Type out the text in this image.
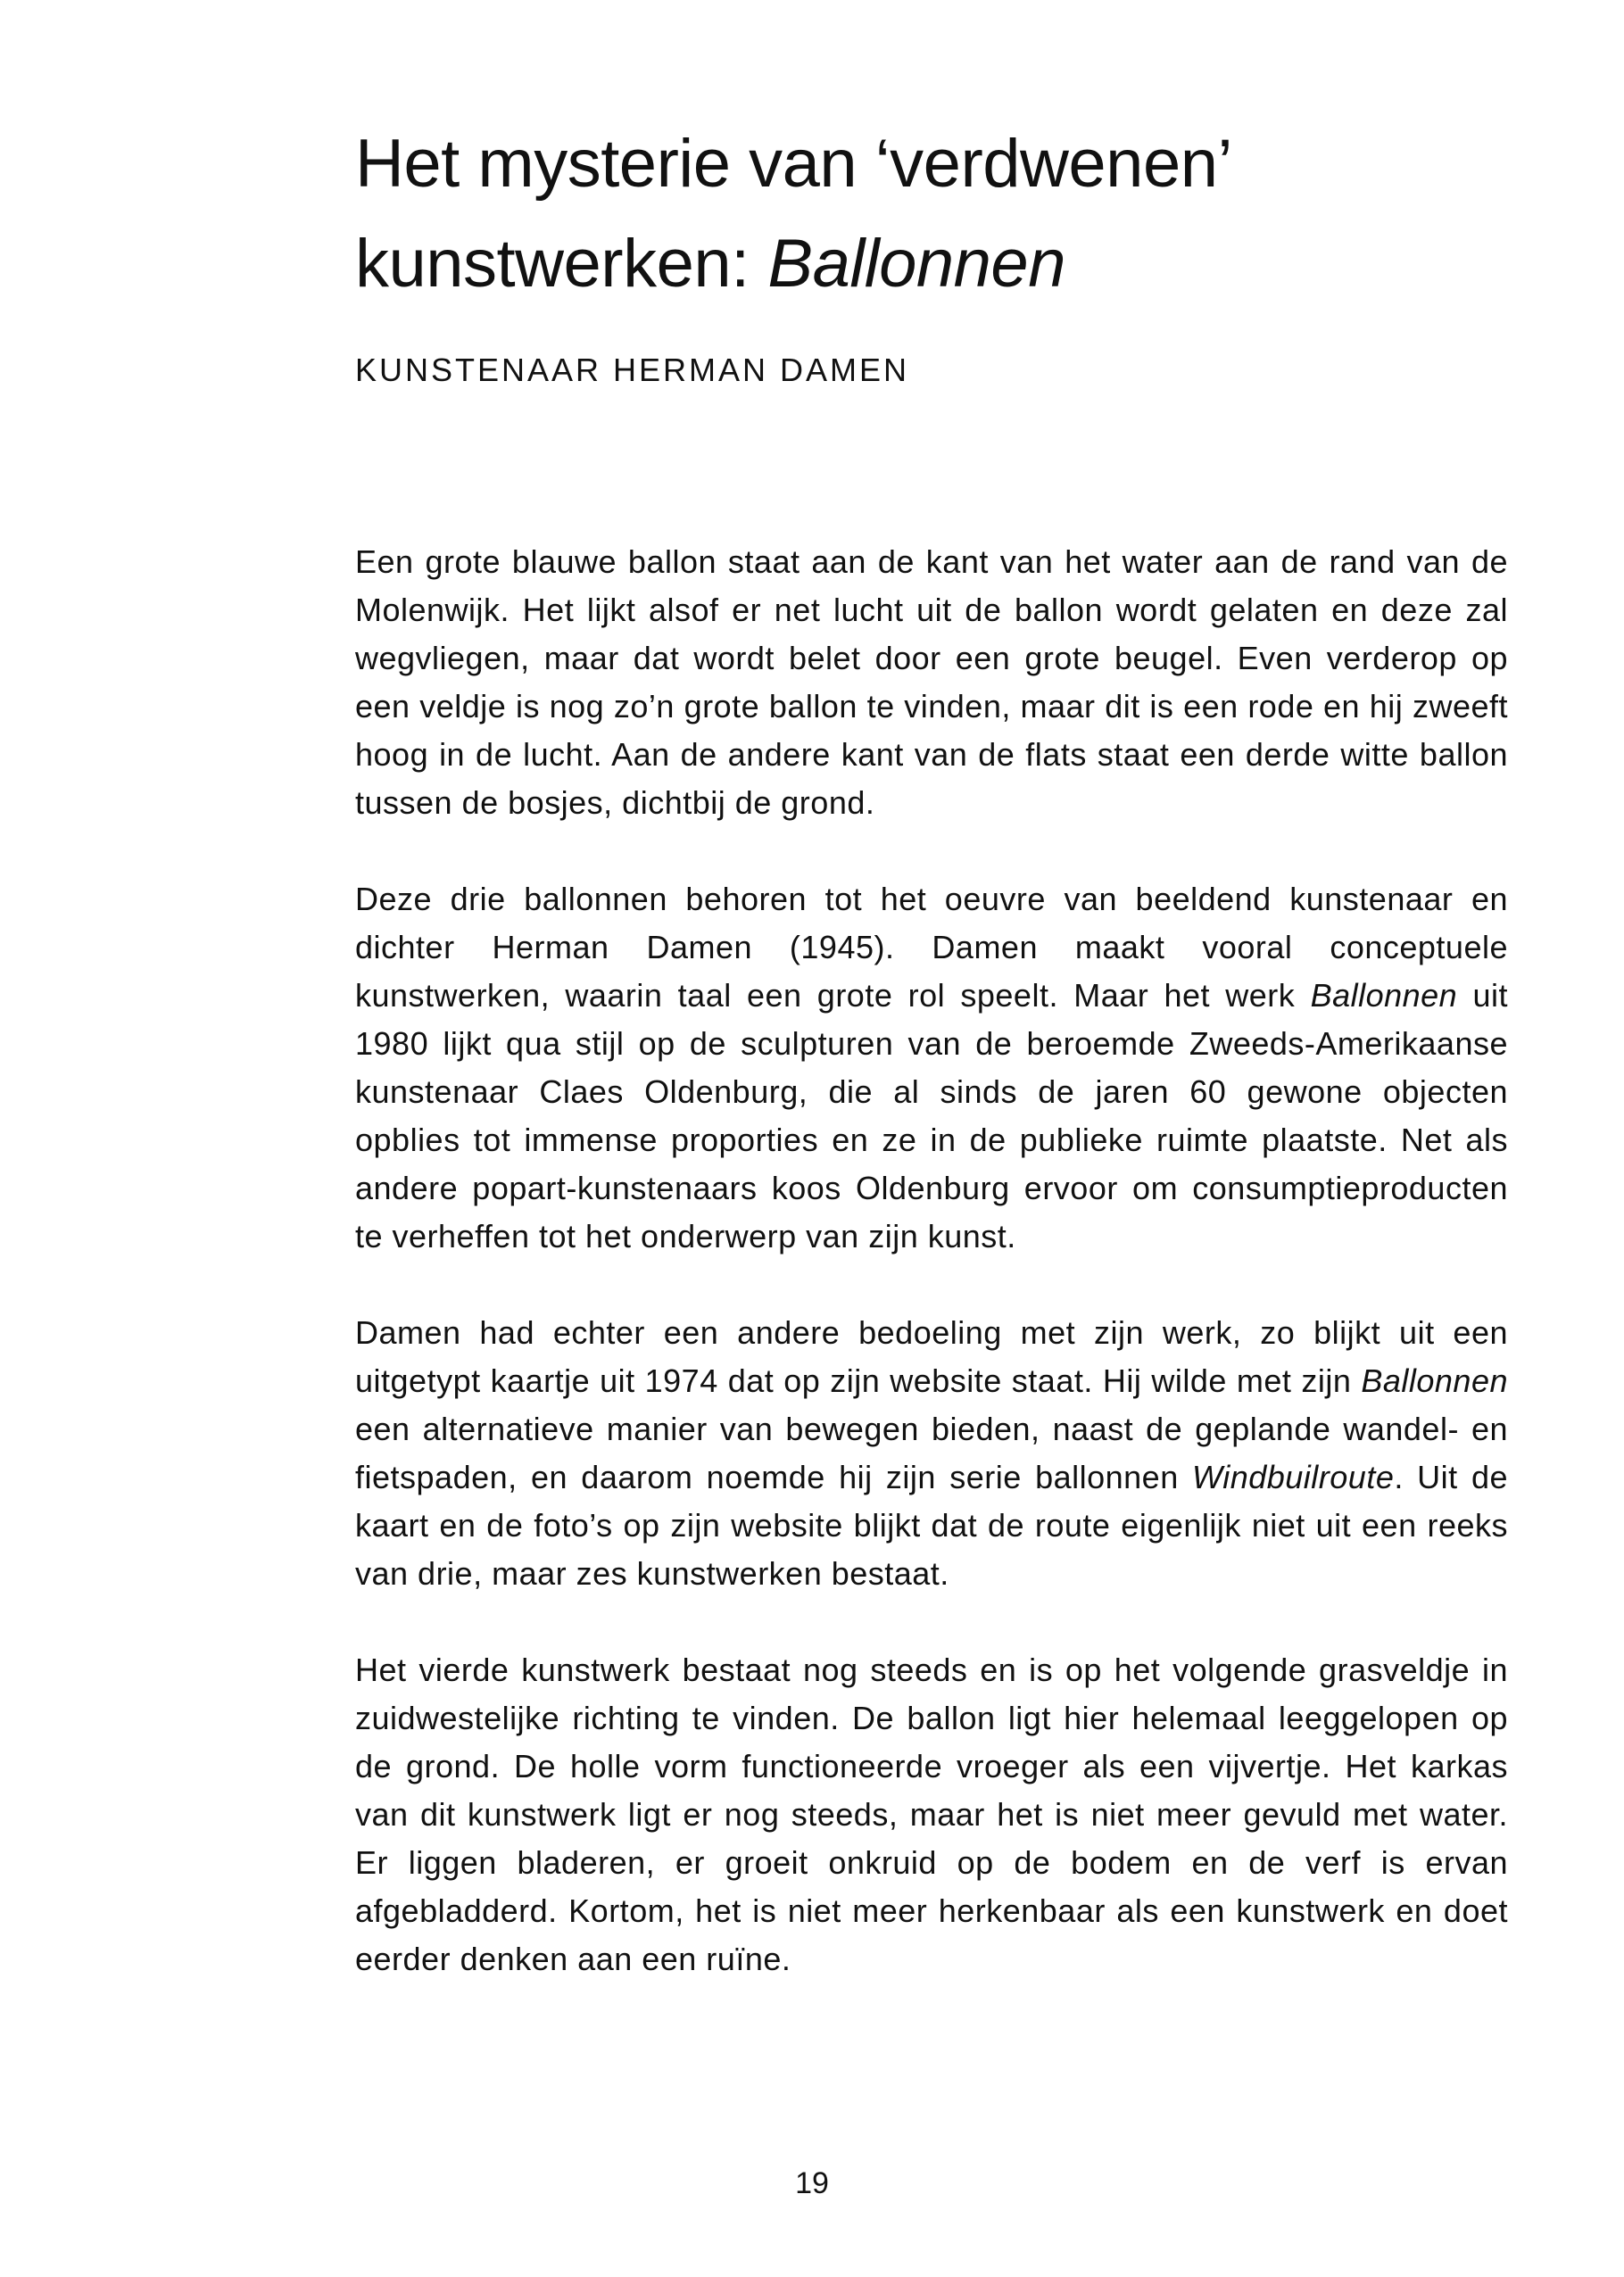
Het mysterie van ‘verdwenen’ kunstwerken: Ballonnen
KUNSTENAAR HERMAN DAMEN

Een grote blauwe ballon staat aan de kant van het water aan de rand van de Molenwijk. Het lijkt alsof er net lucht uit de ballon wordt gelaten en deze zal wegvliegen, maar dat wordt belet door een grote beugel. Even verderop op een veldje is nog zo’n grote ballon te vinden, maar dit is een rode en hij zweeft hoog in de lucht. Aan de andere kant van de flats staat een derde witte ballon tussen de bosjes, dichtbij de grond.

Deze drie ballonnen behoren tot het oeuvre van beeldend kunstenaar en dichter Herman Damen (1945). Damen maakt vooral conceptuele kunstwerken, waarin taal een grote rol speelt. Maar het werk Ballonnen uit 1980 lijkt qua stijl op de sculpturen van de beroemde Zweeds-Amerikaanse kunstenaar Claes Oldenburg, die al sinds de jaren 60 gewone objecten opblies tot immense proporties en ze in de publieke ruimte plaatste. Net als andere popart-kunstenaars koos Oldenburg ervoor om consumptieproducten te verheffen tot het onderwerp van zijn kunst.

Damen had echter een andere bedoeling met zijn werk, zo blijkt uit een uitgetypt kaartje uit 1974 dat op zijn website staat. Hij wilde met zijn Ballonnen een alternatieve manier van bewegen bieden, naast de geplande wandel- en fietspaden, en daarom noemde hij zijn serie ballonnen Windbuilroute. Uit de kaart en de foto’s op zijn website blijkt dat de route eigenlijk niet uit een reeks van drie, maar zes kunstwerken bestaat.

Het vierde kunstwerk bestaat nog steeds en is op het volgende grasveldje in zuidwestelijke richting te vinden. De ballon ligt hier helemaal leeggelopen op de grond. De holle vorm functioneerde vroeger als een vijvertje. Het karkas van dit kunstwerk ligt er nog steeds, maar het is niet meer gevuld met water. Er liggen bladeren, er groeit onkruid op de bodem en de verf is ervan afgebladderd. Kortom, het is niet meer herkenbaar als een kunstwerk en doet eerder denken aan een ruïne.

19
